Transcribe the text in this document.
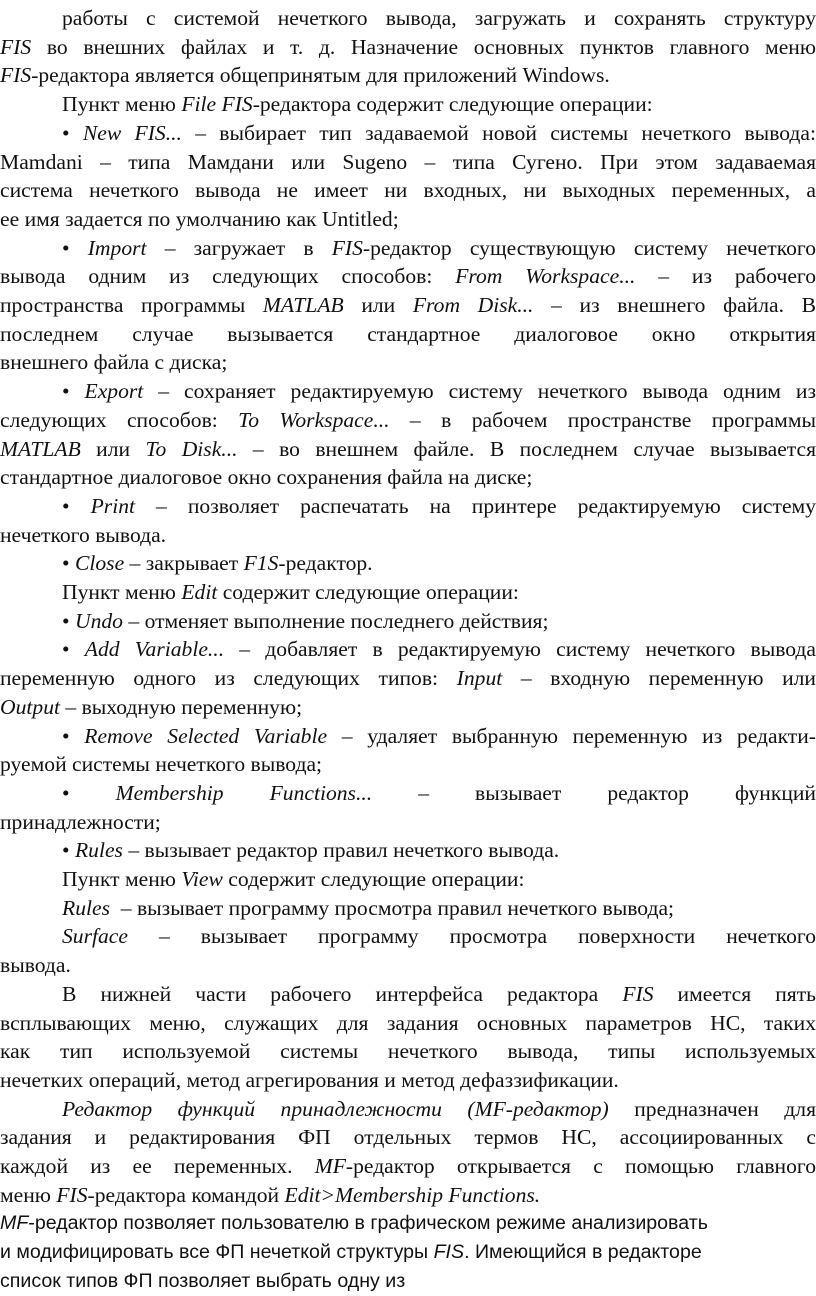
работы с системой нечеткого вывода, загружать и сохранять структуру
FIS во внешних файлах и т. д. Назначение основных пунктов главного меню
FIS-редактора является общепринятым для приложений Windows.
Пункт меню File FIS-редактора содержит следующие операции:
• New FIS... – выбирает тип задаваемой новой системы нечеткого вывода:
Mamdani – типа Мамдани или Sugeno – типа Сугено. При этом задаваемая
система нечеткого вывода не имеет ни входных, ни выходных переменных, а
ее имя задается по умолчанию как Untitled;
• Import – загружает в FIS-редактор существующую систему нечеткого
вывода одним из следующих способов: From Workspace... – из рабочего
пространства программы MATLAB или From Disk... – из внешнего файла. В
последнем случае вызывается стандартное диалоговое окно открытия
внешнего файла с диска;
• Export – сохраняет редактируемую систему нечеткого вывода одним из
следующих способов: To Workspace... – в рабочем пространстве программы
MATLAB или To Disk... – во внешнем файле. В последнем случае вызывается
стандартное диалоговое окно сохранения файла на диске;
• Print – позволяет распечатать на принтере редактируемую систему
нечеткого вывода.
• Close – закрывает F1S-редактор.
Пункт меню Edit содержит следующие операции:
• Undo – отменяет выполнение последнего действия;
• Add Variable... – добавляет в редактируемую систему нечеткого вывода
переменную одного из следующих типов: Input – входную переменную или
Output – выходную переменную;
• Remove Selected Variable – удаляет выбранную переменную из редакти-
руемой системы нечеткого вывода;
• Membership Functions... – вызывает редактор функций
принадлежности;
• Rules – вызывает редактор правил нечеткого вывода.
Пункт меню View содержит следующие операции:
Rules  – вызывает программу просмотра правил нечеткого вывода;
Surface – вызывает программу просмотра поверхности нечеткого
вывода.
В нижней части рабочего интерфейса редактора FIS имеется пять
всплывающих меню, служащих для задания основных параметров НС, таких
как тип используемой системы нечеткого вывода, типы используемых
нечетких операций, метод агрегирования и метод дефаззификации.
Редактор функций принадлежности (MF-редактор) предназначен для
задания и редактирования ФП отдельных термов НС, ассоциированных с
каждой из ее переменных. MF-редактор открывается с помощью главного
меню FIS-редактора командой Edit>Membership Functions.
MF-редактор позволяет пользователю в графическом режиме анализировать
и модифицировать все ФП нечеткой структуры FIS. Имеющийся в редакторе
список типов ФП позволяет выбрать одну из
